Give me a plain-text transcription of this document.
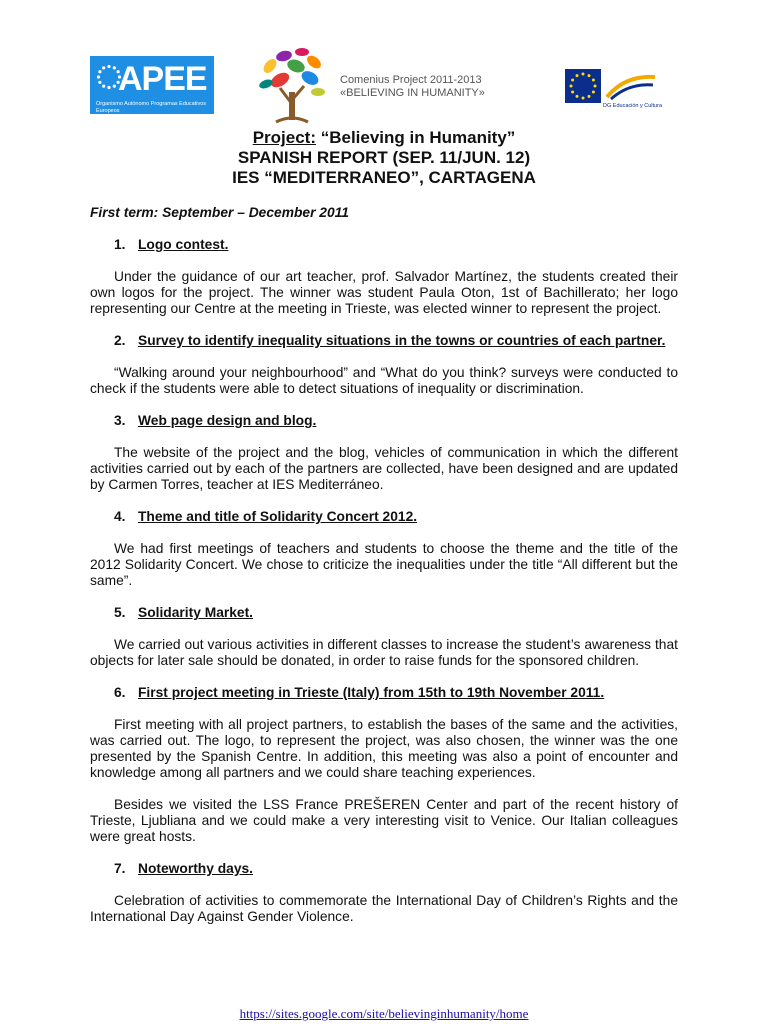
APEE
Organismo Autónomo Programas Educativos Europeos
Comenius Project 2011-2013
«BELIEVING IN HUMANITY»
DG Educación y Cultura
Project: “Believing in Humanity”
SPANISH REPORT (SEP. 11/JUN. 12)
IES “MEDITERRANEO”, CARTAGENA
First term: September – December 2011
1. Logo contest.
Under the guidance of our art teacher, prof. Salvador Martínez, the students created their own logos for the project. The winner was student Paula Oton, 1st of Bachillerato; her logo representing our Centre at the meeting in Trieste, was elected winner to represent the project.
2. Survey to identify inequality situations in the towns or countries of each partner.
“Walking around your neighbourhood” and “What do you think? surveys were conducted to check if the students were able to detect situations of inequality or discrimination.
3. Web page design and blog.
The website of the project and the blog, vehicles of communication in which the different activities carried out by each of the partners are collected, have been designed and are updated by Carmen Torres, teacher at IES Mediterráneo.
4. Theme and title of Solidarity Concert 2012.
We had first meetings of teachers and students to choose the theme and the title of the 2012 Solidarity Concert. We chose to criticize the inequalities under the title “All different but the same”.
5. Solidarity Market.
We carried out various activities in different classes to increase the student’s awareness that objects for later sale should be donated, in order to raise funds for the sponsored children.
6. First project meeting in Trieste (Italy) from 15th to 19th November 2011.
First meeting with all project partners, to establish the bases of the same and the activities, was carried out. The logo, to represent the project, was also chosen, the winner was the one presented by the Spanish Centre. In addition, this meeting was also a point of encounter and knowledge among all partners and we could share teaching experiences.
Besides we visited the LSS France PREŠEREN Center and part of the recent history of Trieste, Ljubliana and we could make a very interesting visit to Venice. Our Italian colleagues were great hosts.
7. Noteworthy days.
Celebration of activities to commemorate the International Day of Children’s Rights and the International Day Against Gender Violence.
https://sites.google.com/site/believinginhumanity/home
